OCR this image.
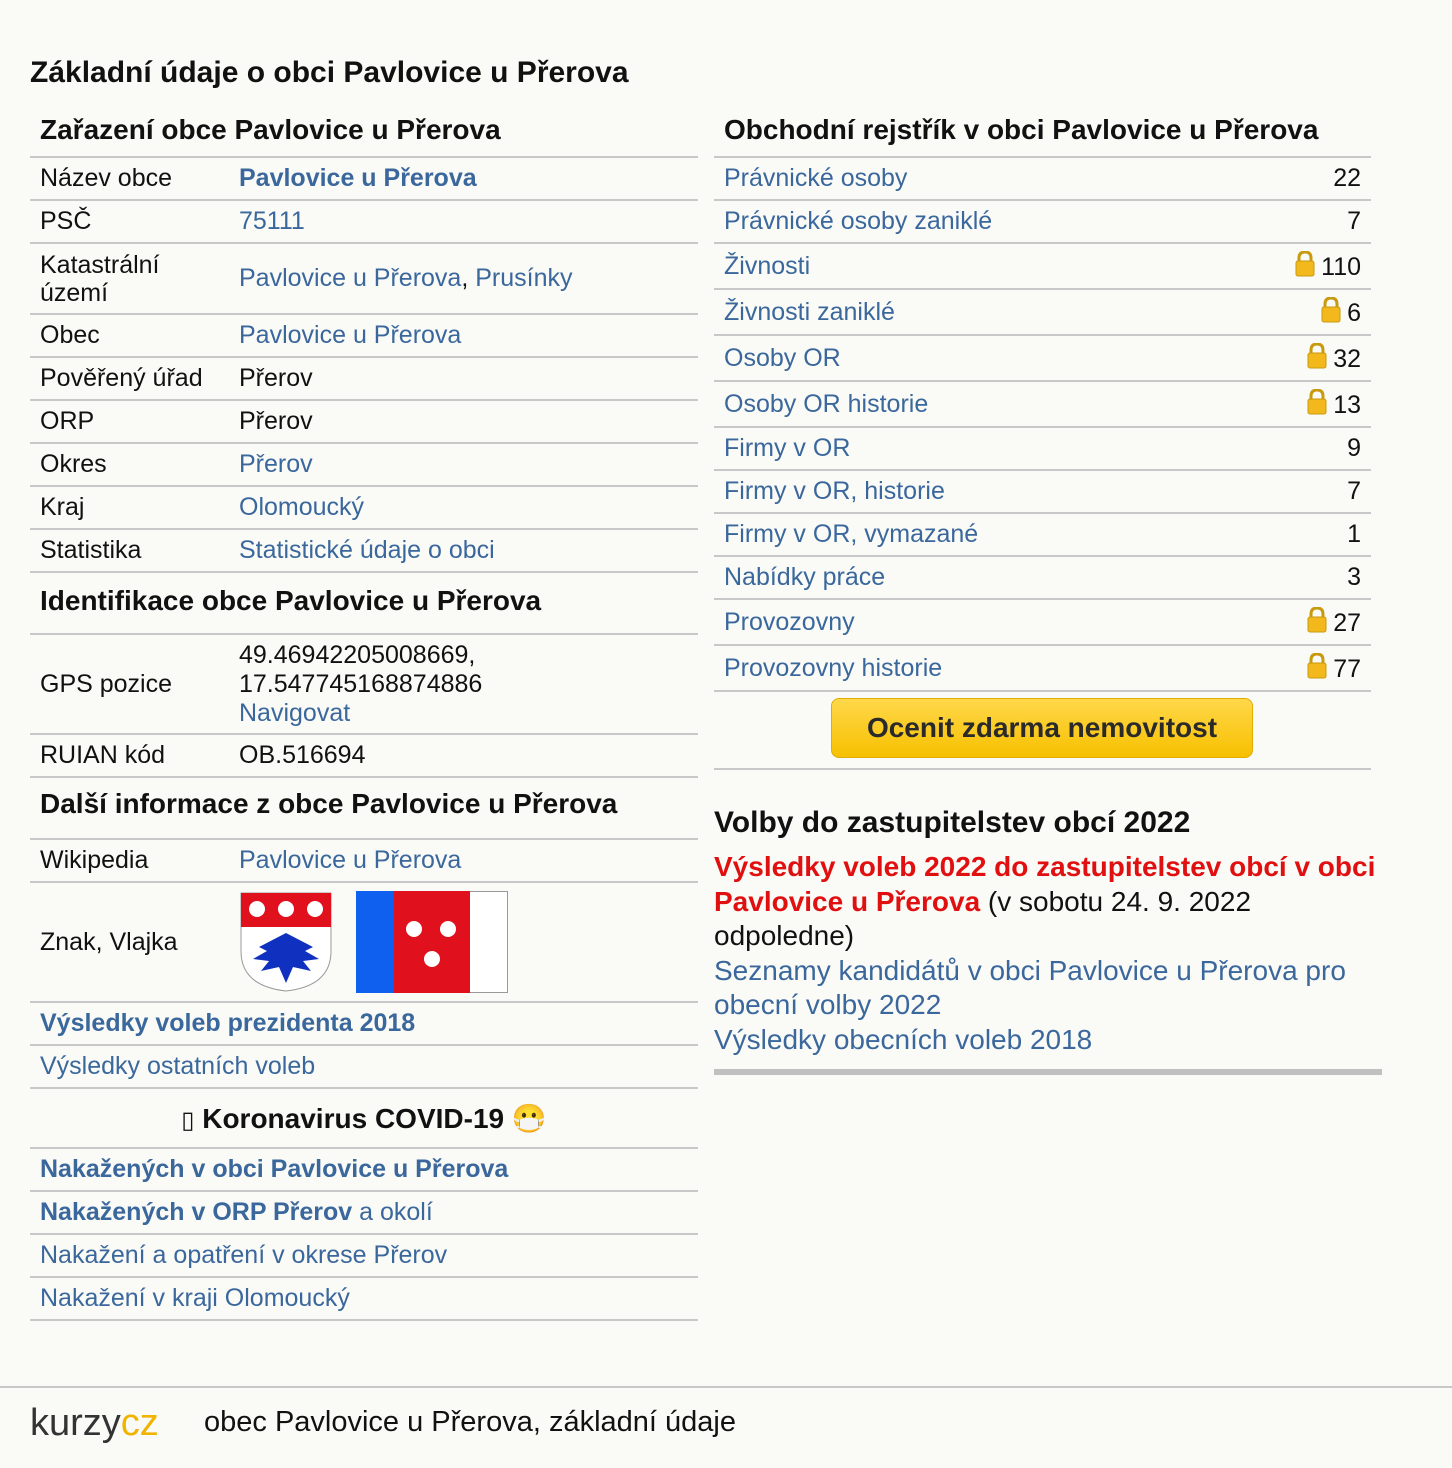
Základní údaje o obci Pavlovice u Přerova
Zařazení obce Pavlovice u Přerova
Název obce	Pavlovice u Přerova
PSČ	75111
Katastrální
území	Pavlovice u Přerova, Prusínky
Obec	Pavlovice u Přerova
Pověřený úřad	Přerov
ORP	Přerov
Okres	Přerov
Kraj	Olomoucký
Statistika	Statistické údaje o obci
Identifikace obce Pavlovice u Přerova
GPS pozice	49.46942205008669,
17.547745168874886
Navigovat
RUIAN kód	OB.516694
Další informace z obce Pavlovice u Přerova
Wikipedia	Pavlovice u Přerova
Znak, Vlajka	
Výsledky voleb prezidenta 2018
Výsledky ostatních voleb
▯ Koronavirus COVID-19 😷
Nakažených v obci Pavlovice u Přerova
Nakažených v ORP Přerov a okolí
Nakažení a opatření v okrese Přerov
Nakažení v kraji Olomoucký
Obchodní rejstřík v obci Pavlovice u Přerova
Právnické osoby	22
Právnické osoby zaniklé	7
Živnosti	110
Živnosti zaniklé	6
Osoby OR	32
Osoby OR historie	13
Firmy v OR	9
Firmy v OR, historie	7
Firmy v OR, vymazané	1
Nabídky práce	3
Provozovny	27
Provozovny historie	77
Ocenit zdarma nemovitost
Volby do zastupitelstev obcí 2022

Výsledky voleb 2022 do zastupitelstev obcí v obci Pavlovice u Přerova (v sobotu 24. 9. 2022 odpoledne)
Seznamy kandidátů v obci Pavlovice u Přerova pro obecní volby 2022
Výsledky obecních voleb 2018

kurzycz obec Pavlovice u Přerova, základní údaje
